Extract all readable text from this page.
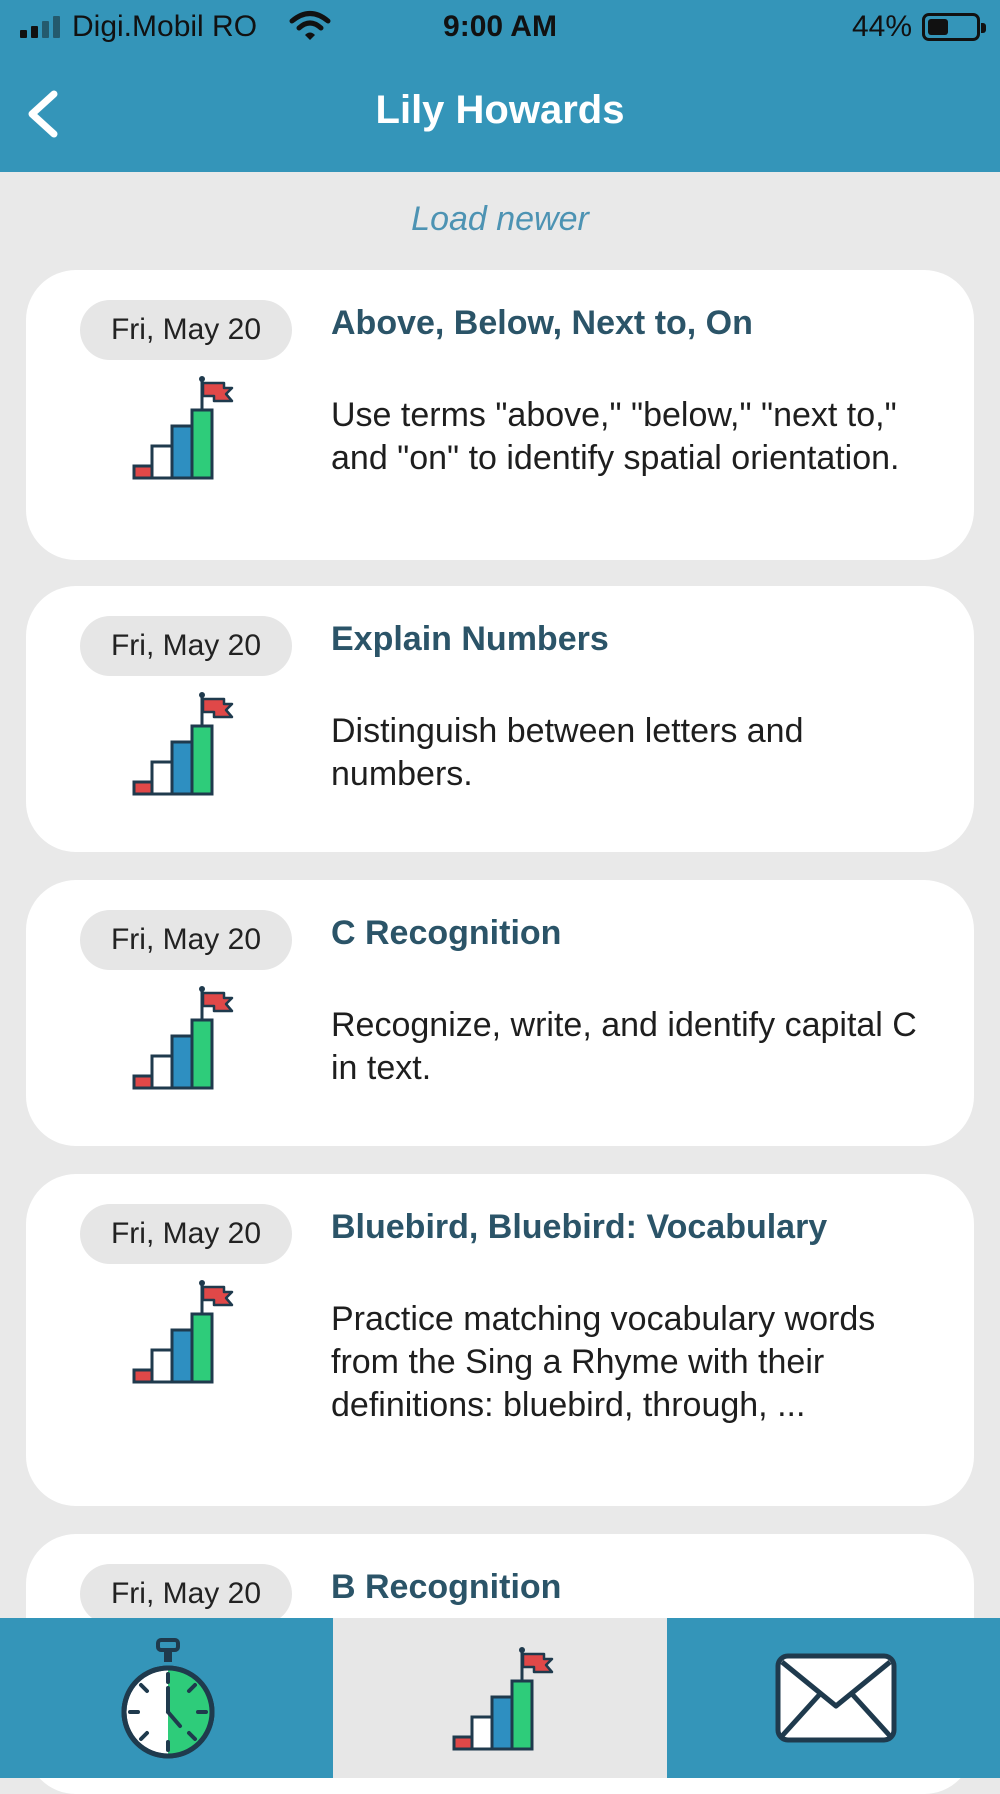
Digi.Mobil RO	9:00 AM	44%
Lily Howards
Load newer
Fri, May 20	Above, Below, Next to, On
Use terms "above," "below," "next to," and "on" to identify spatial orientation.
Fri, May 20	Explain Numbers
Distinguish between letters and numbers.
Fri, May 20	C Recognition
Recognize, write, and identify capital C in text.
Fri, May 20	Bluebird, Bluebird: Vocabulary
Practice matching vocabulary words from the Sing a Rhyme with their definitions: bluebird, through, ...
Fri, May 20	B Recognition
